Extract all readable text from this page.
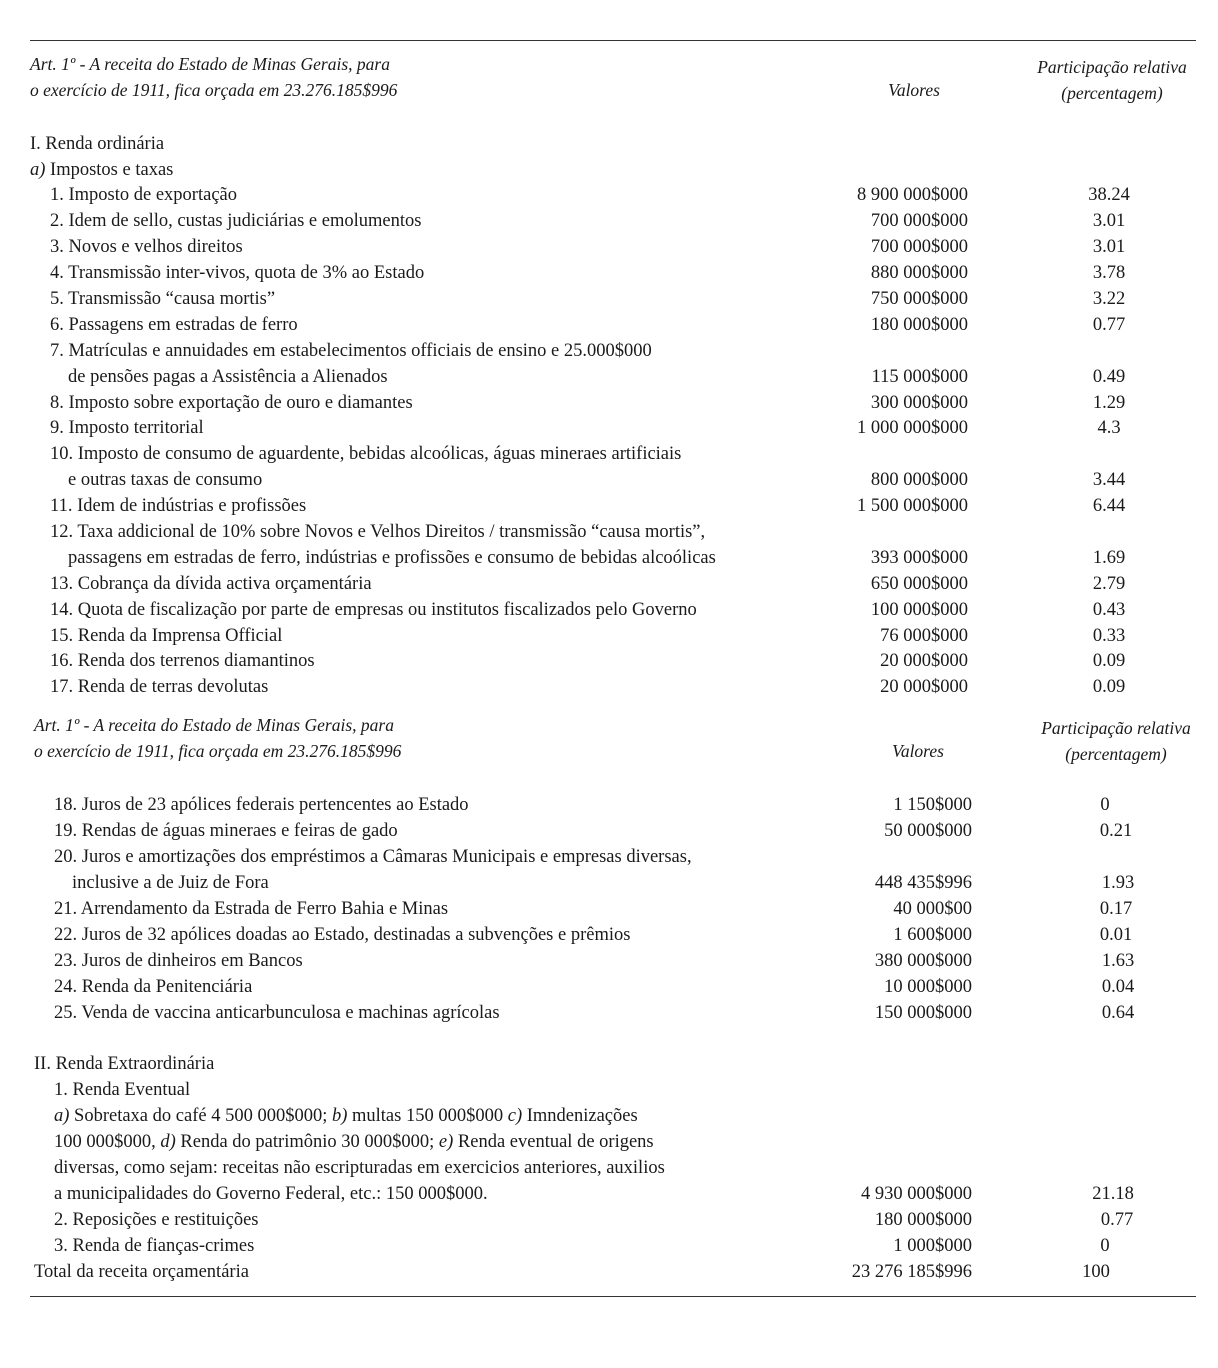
Art. 1º - A receita do Estado de Minas Gerais, para
o exercício de 1911, fica orçada em 23.276.185$996	Valores
Participação relativa
(percentagem)
I. Renda ordinária
a) Impostos e taxas
1. Imposto de exportação	8 900 000$000	38.24
2. Idem de sello, custas judiciárias e emolumentos	700 000$000	3.01
3. Novos e velhos direitos	700 000$000	3.01
4. Transmissão inter-vivos, quota de 3% ao Estado	880 000$000	3.78
5. Transmissão “causa mortis”	750 000$000	3.22
6. Passagens em estradas de ferro	180 000$000	0.77
7. Matrículas e annuidades em estabelecimentos officiais de ensino e 25.000$000
de pensões pagas a Assistência a Alienados	115 000$000	0.49
8. Imposto sobre exportação de ouro e diamantes	300 000$000	1.29
9. Imposto territorial	1 000 000$000	4.3
10. Imposto de consumo de aguardente, bebidas alcoólicas, águas mineraes artificiais
e outras taxas de consumo	800 000$000	3.44
11. Idem de indústrias e profissões	1 500 000$000	6.44
12. Taxa addicional de 10% sobre Novos e Velhos Direitos / transmissão “causa mortis”,
passagens em estradas de ferro, indústrias e profissões e consumo de bebidas alcoólicas	393 000$000	1.69
13. Cobrança da dívida activa orçamentária	650 000$000	2.79
14. Quota de fiscalização por parte de empresas ou institutos fiscalizados pelo Governo	100 000$000	0.43
15. Renda da Imprensa Official	76 000$000	0.33
16. Renda dos terrenos diamantinos	20 000$000	0.09
17. Renda de terras devolutas	20 000$000	0.09
Art. 1º - A receita do Estado de Minas Gerais, para
o exercício de 1911, fica orçada em 23.276.185$996	Valores
Participação relativa
(percentagem)
18. Juros de 23 apólices federais pertencentes ao Estado	1 150$000	0
19. Rendas de águas mineraes e feiras de gado	50 000$000	0.21
20. Juros e amortizações dos empréstimos a Câmaras Municipais e empresas diversas,
inclusive a de Juiz de Fora	448 435$996	1.93
21. Arrendamento da Estrada de Ferro Bahia e Minas	40 000$00	0.17
22. Juros de 32 apólices doadas ao Estado, destinadas a subvenções e prêmios	1 600$000	0.01
23. Juros de dinheiros em Bancos	380 000$000	1.63
24. Renda da Penitenciária	10 000$000	0.04
25. Venda de vaccina anticarbunculosa e machinas agrícolas	150 000$000	0.64
II. Renda Extraordinária
1. Renda Eventual
a) Sobretaxa do café 4 500 000$000; b) multas 150 000$000 c) Imndenizações
100 000$000, d) Renda do patrimônio 30 000$000; e) Renda eventual de origens
diversas, como sejam: receitas não escripturadas em exercicios anteriores, auxilios
a municipalidades do Governo Federal, etc.: 150 000$000.	4 930 000$000	21.18
2. Reposições e restituições	180 000$000	0.77
3. Renda de fianças-crimes	1 000$000	0
Total da receita orçamentária	23 276 185$996	100
